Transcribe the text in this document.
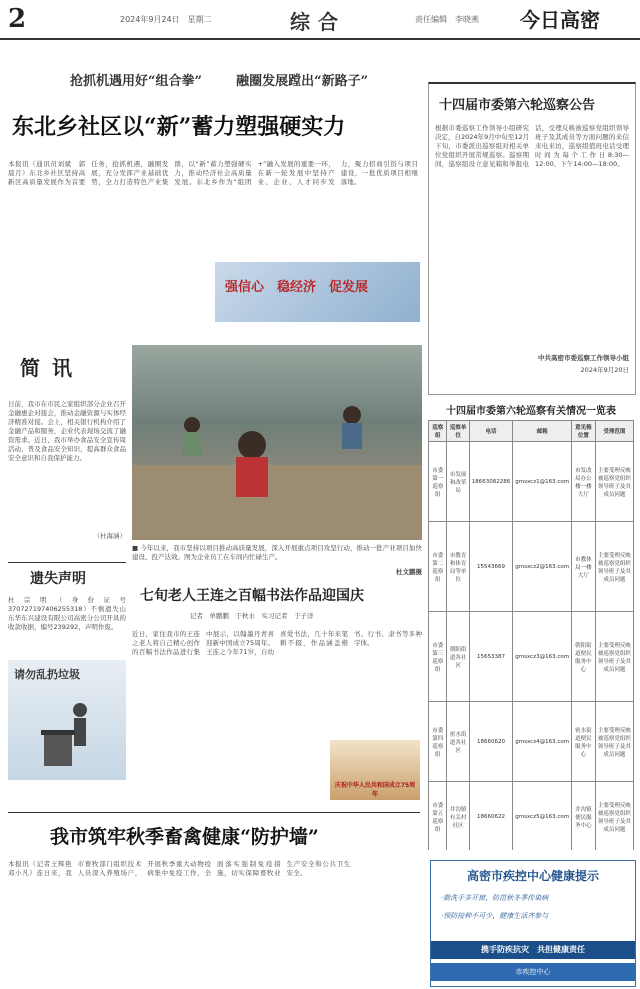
2	2024年9月24日　星期二	综合	责任编辑　李晓燕 今日高密
抢抓机遇用好“组合拳”	融圈发展蹚出“新路子”
东北乡社区以“新”蓄力塑强硬实力
本报讯（通讯员刘斌　郭晨月）东北乡社区坚持高新区高质量发展作为首要任务，抢抓机遇，融圈发展，充分发挥产业基础优势，全力打造特色产业集群，以“新”蓄力塑强硬实力，推动经济社会高质量发展。东北乡作为“组团+”融入发展的重要一环，在新一轮发展中坚持产业、企业、人才同步发力，聚力招商引资与项目建设，一批优质项目相继落地。
强信心　稳经济　促发展
简讯
日前，我市在市民之家组织部分企业召开金融惠企对接会，推动金融资源与实体经济精准对接。会上，相关银行机构介绍了金融产品和服务，企业代表现场交流了融资需求。近日，我市举办食品安全宣传周活动，普及食品安全知识，提高群众食品安全意识和自我保护能力。
（杜海涵）
遗失声明
杜宗明（身份证号370727197406255318）不慎遗失山东华东兴建设有限公司高密分公司开具的收款收据，编号239292，声明作废。
请勿乱扔垃圾
■ 今年以来，我市坚持以项目推动高质量发展，深入开展重点项目攻坚行动，推动一批产业项目加快建设、投产达效。图为企业员工在车间内忙碌生产。
杜文鹏摄
七旬老人王连之百幅书法作品迎国庆
记者　单鹏鹏　于秋水　实习记者　于子洋
近日，家住我市的王连之老人将自己精心创作的百幅书法作品进行集中展示，以翰墨丹青喜迎新中国成立75周年。王连之今年71岁，自幼喜爱书法，几十年来笔耕不辍，作品涵盖楷书、行书、隶书等多种字体。
庆祝中华人民共和国成立75周年
我市筑牢秋季畜禽健康“防护墙”
本报讯（记者王辉艳　邓小凡）连日来，我市畜牧部门组织技术人员深入养殖场户，开展秋季重大动物疫病集中免疫工作，全面落实强制免疫措施，切实保障畜牧业生产安全和公共卫生安全。
十四届市委第六轮巡察公告
根据市委巡察工作领导小组研究决定，自2024年9月中旬至12月下旬，市委派出巡察组对相关单位党组织开展常规巡察。巡察期间，巡察组设立意见箱和举报电话，受理反映被巡察党组织领导班子及其成员等方面问题的来信来电来访，巡察组值班电话受理时间为每个工作日8:30—12:00、下午14:00—18:00。
中共高密市委巡察工作领导小组
2024年9月20日
十四届市委第六轮巡察有关情况一览表
巡察组	巡察单位	电话	邮箱	意见箱位置	受理范围
市委第一巡察组	市发展和改革局	18663082286	gmsxcz1@163.com	市发改局办公楼一楼大厅	主要受理反映被巡察党组织领导班子及其成员问题
市委第二巡察组	市教育和体育局等单位	15543669	gmsxcz2@163.com	市教体局一楼大厅	主要受理反映被巡察党组织领导班子及其成员问题
市委第三巡察组	朝阳街道各社区	15653387	gmsxcz3@163.com	朝阳街道便民服务中心	主要受理反映被巡察党组织领导班子及其成员问题
市委第四巡察组	密水街道各社区	18660620	gmsxcz4@163.com	密水街道便民服务中心	主要受理反映被巡察党组织领导班子及其成员问题
市委第五巡察组	井沟镇有关村社区	18660622	gmsxcz5@163.com	井沟镇便民服务中心	主要受理反映被巡察党组织领导班子及其成员问题
高密市疾控中心健康提示
·勤洗手多开窗，防范秋冬季传染病
·预防接种不可少，健康生活齐参与
携手防疾抗灾　共担健康责任
市疾控中心
